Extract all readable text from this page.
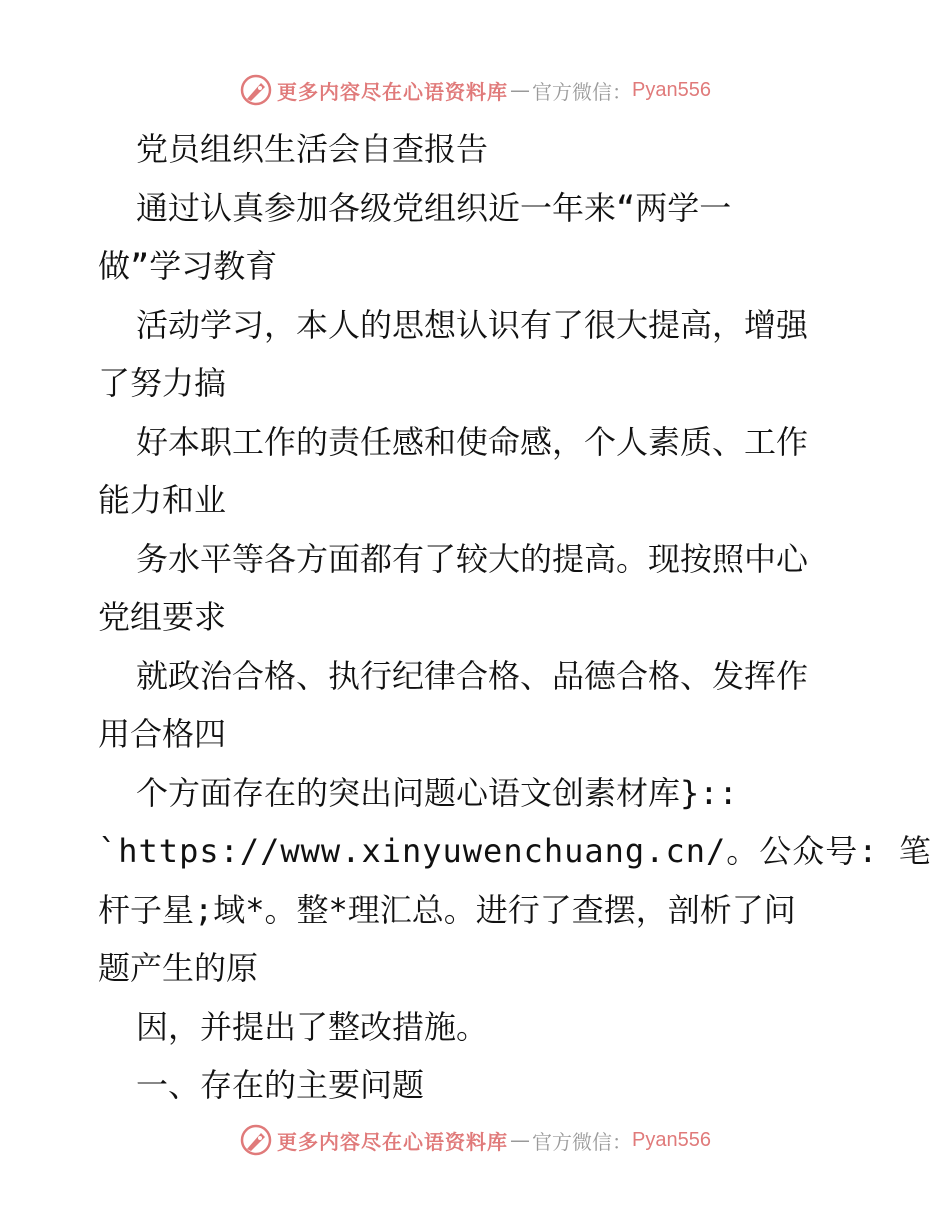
更多内容尽在心语资料库 — 官方微信： Pyan556
党员组织生活会自查报告
通过认真参加各级党组织近一年来“两学一
做”学习教育
活动学习，本人的思想认识有了很大提高，增强
了努力搞
好本职工作的责任感和使命感，个人素质、工作
能力和业
务水平等各方面都有了较大的提高。现按照中心
党组要求
就政治合格、执行纪律合格、品德合格、发挥作
用合格四
个方面存在的突出问题心语文创素材库}::
`https://www.xinyuwenchuang.cn/。公众号: 笔
杆子星;域*。整*理汇总。进行了查摆，剖析了问
题产生的原
因，并提出了整改措施。
一、存在的主要问题
更多内容尽在心语资料库 — 官方微信： Pyan556
